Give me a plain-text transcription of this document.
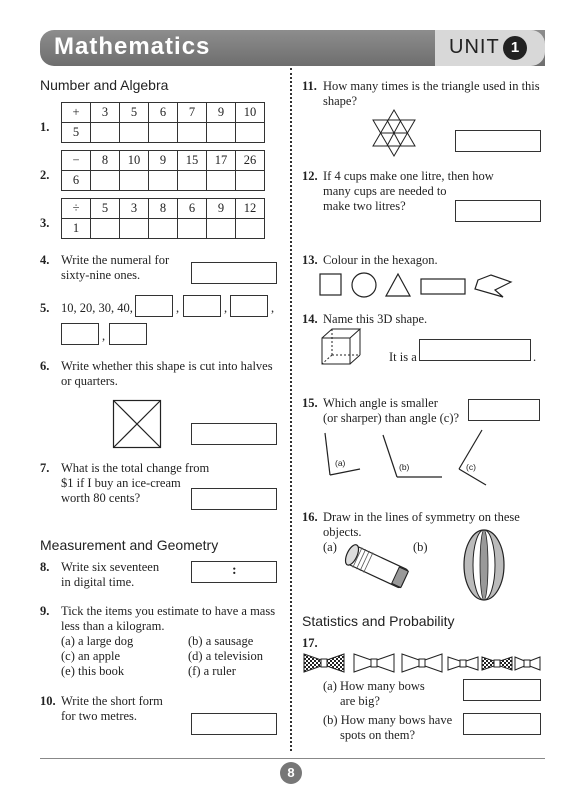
Mathematics	UNIT 1
Number and Algebra
1.
+	3	5	6	7	9	10
5						
2.
−	8	10	9	15	17	26
6						
3.
÷	5	3	8	6	9	12
1						
4. Write the numeral for
sixty-nine ones.
5. 10, 20, 30, 40,	,	,	,
,
6. Write whether this shape is cut into halves
or quarters.
7. What is the total change from
$1 if I buy an ice-cream
worth 80 cents?
Measurement and Geometry
8. Write six seventeen
in digital time.
:
9. Tick the items you estimate to have a mass
less than a kilogram.
(a) a large dog	(b) a sausage
(c) an apple	(d) a television
(e) this book	(f) a ruler
10. Write the short form
for two metres.
11. How many times is the triangle used in this
shape?
12. If 4 cups make one litre, then how
many cups are needed to
make two litres?
13. Colour in the hexagon.
14. Name this 3D shape.
It is a	.
15. Which angle is smaller
(or sharper) than angle (c)?
(a)	(b)	(c)
16. Draw in the lines of symmetry on these
objects.
(a)	(b)
Statistics and Probability
17.
(a) How many bows
are big?
(b) How many bows have
spots on them?
8
